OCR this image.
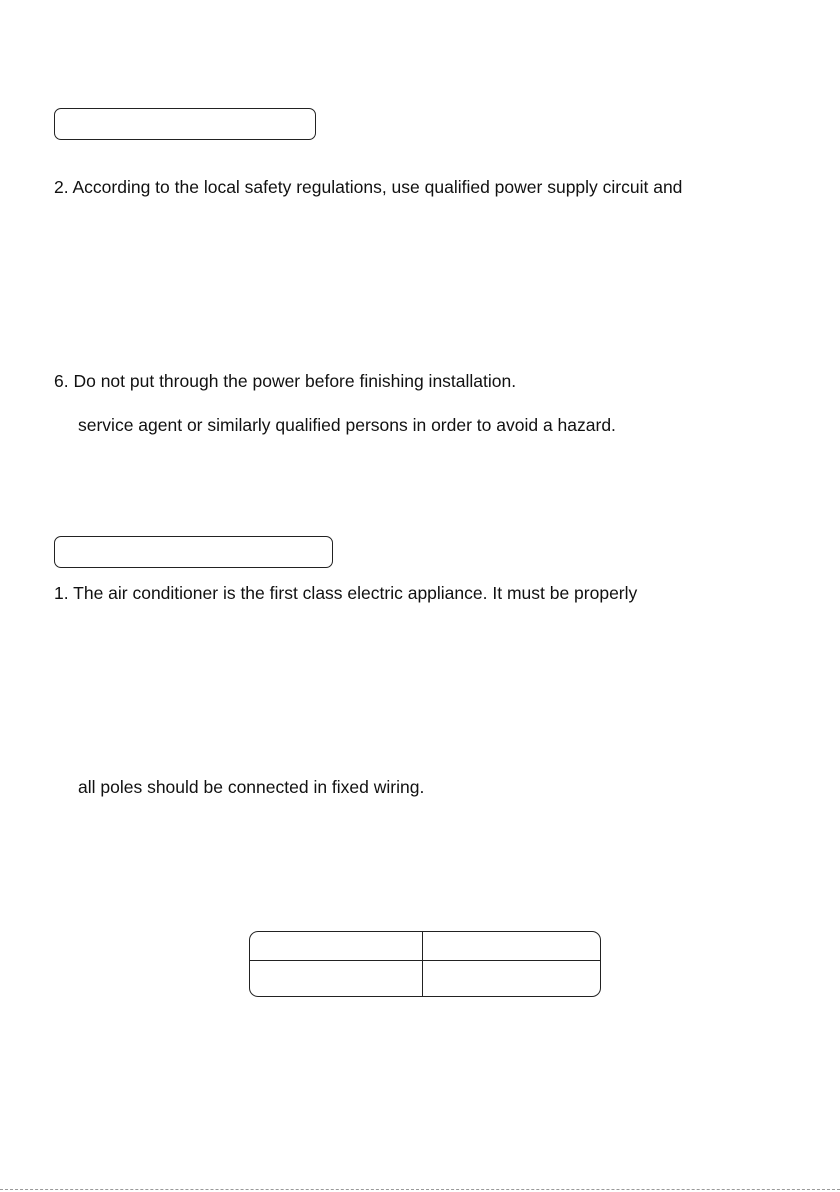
2. According to the local safety regulations, use qualified power supply circuit and
6. Do not put through the power before finishing installation.
service agent or similarly qualified persons in order to avoid a hazard.
1. The air conditioner is the first class electric appliance. It must be properly
all poles should be connected in fixed wiring.
